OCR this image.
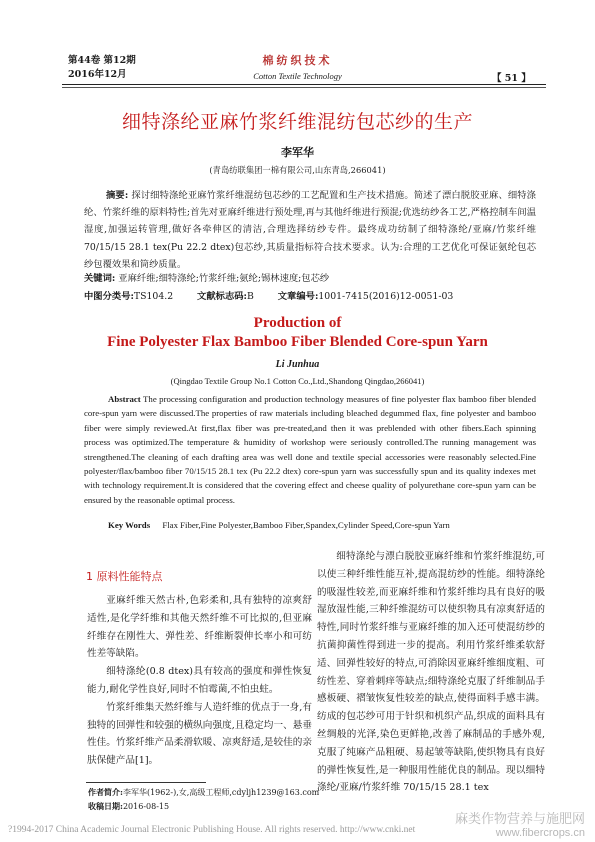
第44卷 第12期
2016年12月
棉纺织技术
Cotton Textile Technology	【 51 】
细特涤纶亚麻竹浆纤维混纺包芯纱的生产
李军华
(青岛纺联集团一棉有限公司,山东青岛,266041)
摘要: 探讨细特涤纶亚麻竹浆纤维混纺包芯纱的工艺配置和生产技术措施。简述了漂白脱胶亚麻、细特涤纶、竹浆纤维的原料特性;首先对亚麻纤维进行预处理,再与其他纤维进行预混;优选纺纱各工艺,严格控制车间温湿度,加强运转管理,做好各牵伸区的清洁,合理选择纺纱专件。最终成功纺制了细特涤纶/亚麻/竹浆纤维 70/15/15 28.1 tex(Pu 22.2 dtex)包芯纱,其质量指标符合技术要求。认为:合理的工艺优化可保证氨纶包芯纱包覆效果和筒纱质量。
关键词: 亚麻纤维;细特涤纶;竹浆纤维;氨纶;锡林速度;包芯纱
中图分类号:TS104.2	文献标志码:B	文章编号:1001-7415(2016)12-0051-03
Production of
Fine Polyester Flax Bamboo Fiber Blended Core-spun Yarn
Li Junhua
(Qingdao Textile Group No.1 Cotton Co.,Ltd.,Shandong Qingdao,266041)
Abstract The processing configuration and production technology measures of fine polyester flax bamboo fiber blended core-spun yarn were discussed.The properties of raw materials including bleached degummed flax, fine polyester and bamboo fiber were simply reviewed.At first,flax fiber was pre-treated,and then it was preblended with other fibers.Each spinning process was optimized.The temperature & humidity of workshop were seriously controlled.The running management was strengthened.The cleaning of each drafting area was well done and textile special accessories were reasonably selected.Fine polyester/flax/bamboo fiber 70/15/15 28.1 tex (Pu 22.2 dtex) core-spun yarn was successfully spun and its quality indexes met with technology requirement.It is considered that the covering effect and cheese quality of polyurethane core-spun yarn can be ensured by the reasonable optimal process.
Key Words Flax Fiber,Fine Polyester,Bamboo Fiber,Spandex,Cylinder Speed,Core-spun Yarn
1 原料性能特点
亚麻纤维天然古朴,色彩柔和,具有独特的凉爽舒适性,是化学纤维和其他天然纤维不可比拟的,但亚麻纤维存在刚性大、弹性差、纤维断裂伸长率小和可纺性差等缺陷。
细特涤纶(0.8 dtex)具有较高的强度和弹性恢复能力,耐化学性良好,同时不怕霉菌,不怕虫蛀。
竹浆纤维集天然纤维与人造纤维的优点于一身,有独特的回弹性和较强的横纵向强度,且稳定均一、悬垂性佳。竹浆纤维产品柔滑软暖、凉爽舒适,是较佳的亲肤保健产品[1]。
作者简介:李军华(1962-),女,高级工程师,cdyljh1239@163.com
收稿日期:2016-08-15
细特涤纶与漂白脱胶亚麻纤维和竹浆纤维混纺,可以使三种纤维性能互补,提高混纺纱的性能。细特涤纶的吸湿性较差,而亚麻纤维和竹浆纤维均具有良好的吸湿放湿性能,三种纤维混纺可以使织物具有凉爽舒适的特性,同时竹浆纤维与亚麻纤维的加入还可使混纺纱的抗菌抑菌性得到进一步的提高。利用竹浆纤维柔软舒适、回弹性较好的特点,可消除因亚麻纤维细度粗、可纺性差、穿着刺痒等缺点;细特涤纶克服了纤维制品手感板硬、褶皱恢复性较差的缺点,使得面料手感丰满。纺成的包芯纱可用于针织和机织产品,织成的面料具有丝绸般的光泽,染色更鲜艳,改善了麻制品的手感外观,克服了纯麻产品粗硬、易起皱等缺陷,使织物具有良好的弹性恢复性,是一种服用性能优良的制品。现以细特涤纶/亚麻/竹浆纤维 70/15/15 28.1 tex
?1994-2017 China Academic Journal Electronic Publishing House. All rights reserved. http://www.cnki.net
麻类作物营养与施肥网
www.fibercrops.cn
